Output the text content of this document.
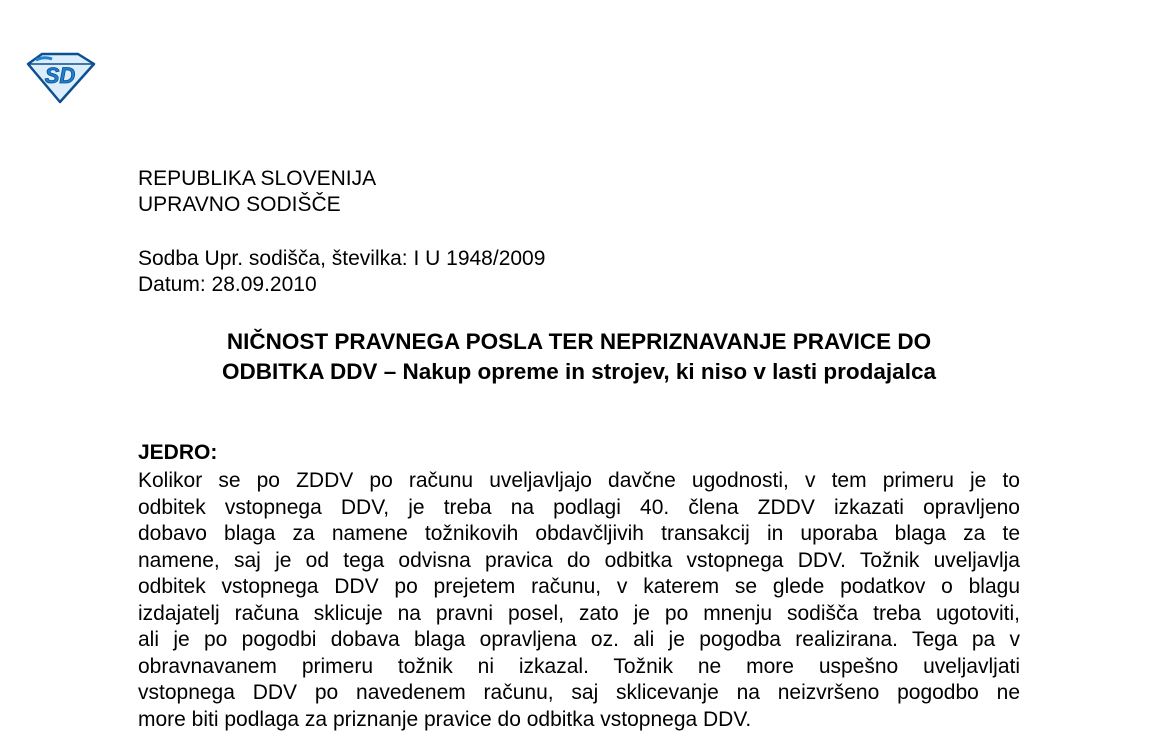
SD
REPUBLIKA SLOVENIJA
UPRAVNO SODIŠČE
Sodba Upr. sodišča, številka: I U 1948/2009
Datum: 28.09.2010
NIČNOST PRAVNEGA POSLA TER NEPRIZNAVANJE PRAVICE DO
ODBITKA DDV – Nakup opreme in strojev, ki niso v lasti prodajalca
JEDRO:
Kolikor se po ZDDV po računu uveljavljajo davčne ugodnosti, v tem primeru je to
odbitek vstopnega DDV, je treba na podlagi 40. člena ZDDV izkazati opravljeno
dobavo blaga za namene tožnikovih obdavčljivih transakcij in uporaba blaga za te
namene, saj je od tega odvisna pravica do odbitka vstopnega DDV. Tožnik uveljavlja
odbitek vstopnega DDV po prejetem računu, v katerem se glede podatkov o blagu
izdajatelj računa sklicuje na pravni posel, zato je po mnenju sodišča treba ugotoviti,
ali je po pogodbi dobava blaga opravljena oz. ali je pogodba realizirana. Tega pa v
obravnavanem primeru tožnik ni izkazal. Tožnik ne more uspešno uveljavljati
vstopnega DDV po navedenem računu, saj sklicevanje na neizvršeno pogodbo ne
more biti podlaga za priznanje pravice do odbitka vstopnega DDV.
